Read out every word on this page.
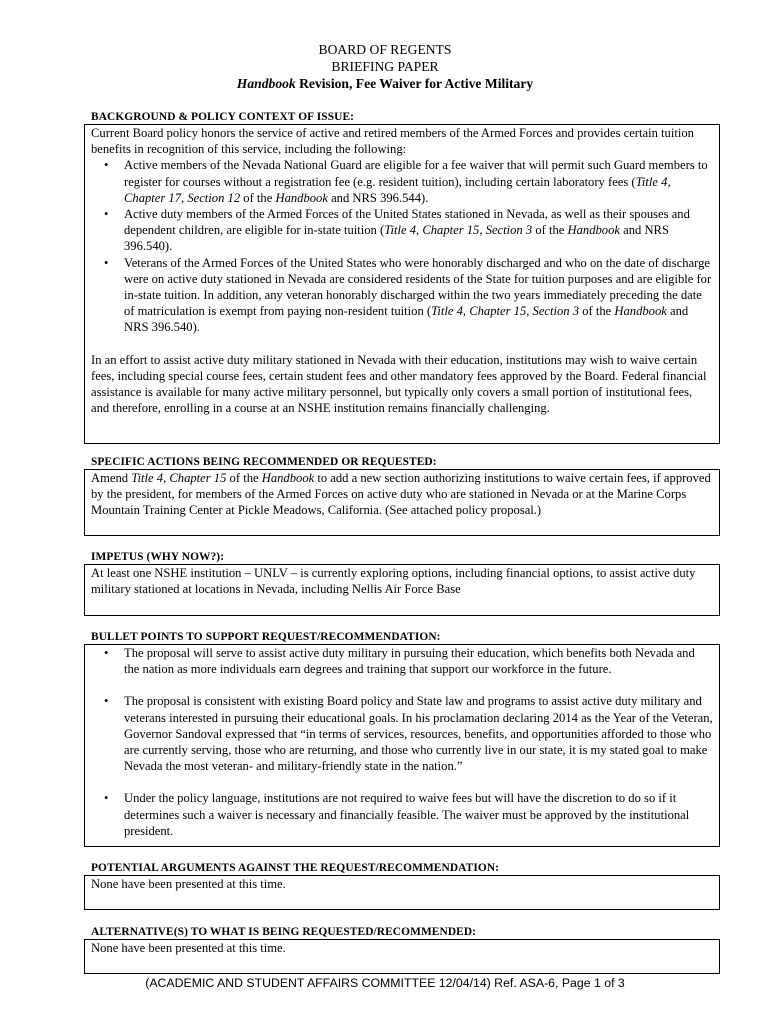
BOARD OF REGENTS
BRIEFING PAPER
Handbook Revision, Fee Waiver for Active Military
BACKGROUND & POLICY CONTEXT OF ISSUE:

Current Board policy honors the service of active and retired members of the Armed Forces and provides certain tuition benefits in recognition of this service, including the following:

• Active members of the Nevada National Guard are eligible for a fee waiver that will permit such Guard members to register for courses without a registration fee (e.g. resident tuition), including certain laboratory fees (Title 4, Chapter 17, Section 12 of the Handbook and NRS 396.544).
• Active duty members of the Armed Forces of the United States stationed in Nevada, as well as their spouses and dependent children, are eligible for in-state tuition (Title 4, Chapter 15, Section 3 of the Handbook and NRS 396.540).
• Veterans of the Armed Forces of the United States who were honorably discharged and who on the date of discharge were on active duty stationed in Nevada are considered residents of the State for tuition purposes and are eligible for in-state tuition. In addition, any veteran honorably discharged within the two years immediately preceding the date of matriculation is exempt from paying non-resident tuition (Title 4, Chapter 15, Section 3 of the Handbook and NRS 396.540).

In an effort to assist active duty military stationed in Nevada with their education, institutions may wish to waive certain fees, including special course fees, certain student fees and other mandatory fees approved by the Board. Federal financial assistance is available for many active military personnel, but typically only covers a small portion of institutional fees, and therefore, enrolling in a course at an NSHE institution remains financially challenging.

SPECIFIC ACTIONS BEING RECOMMENDED OR REQUESTED:

Amend Title 4, Chapter 15 of the Handbook to add a new section authorizing institutions to waive certain fees, if approved by the president, for members of the Armed Forces on active duty who are stationed in Nevada or at the Marine Corps Mountain Training Center at Pickle Meadows, California. (See attached policy proposal.)

IMPETUS (WHY NOW?):

At least one NSHE institution – UNLV – is currently exploring options, including financial options, to assist active duty military stationed at locations in Nevada, including Nellis Air Force Base

BULLET POINTS TO SUPPORT REQUEST/RECOMMENDATION:
• The proposal will serve to assist active duty military in pursuing their education, which benefits both Nevada and the nation as more individuals earn degrees and training that support our workforce in the future.
• The proposal is consistent with existing Board policy and State law and programs to assist active duty military and veterans interested in pursuing their educational goals. In his proclamation declaring 2014 as the Year of the Veteran, Governor Sandoval expressed that “in terms of services, resources, benefits, and opportunities afforded to those who are currently serving, those who are returning, and those who currently live in our state, it is my stated goal to make Nevada the most veteran- and military-friendly state in the nation.”
• Under the policy language, institutions are not required to waive fees but will have the discretion to do so if it determines such a waiver is necessary and financially feasible. The waiver must be approved by the institutional president.
POTENTIAL ARGUMENTS AGAINST THE REQUEST/RECOMMENDATION:

None have been presented at this time.

ALTERNATIVE(S) TO WHAT IS BEING REQUESTED/RECOMMENDED:

None have been presented at this time.

(ACADEMIC AND STUDENT AFFAIRS COMMITTEE 12/04/14) Ref. ASA-6, Page 1 of 3
